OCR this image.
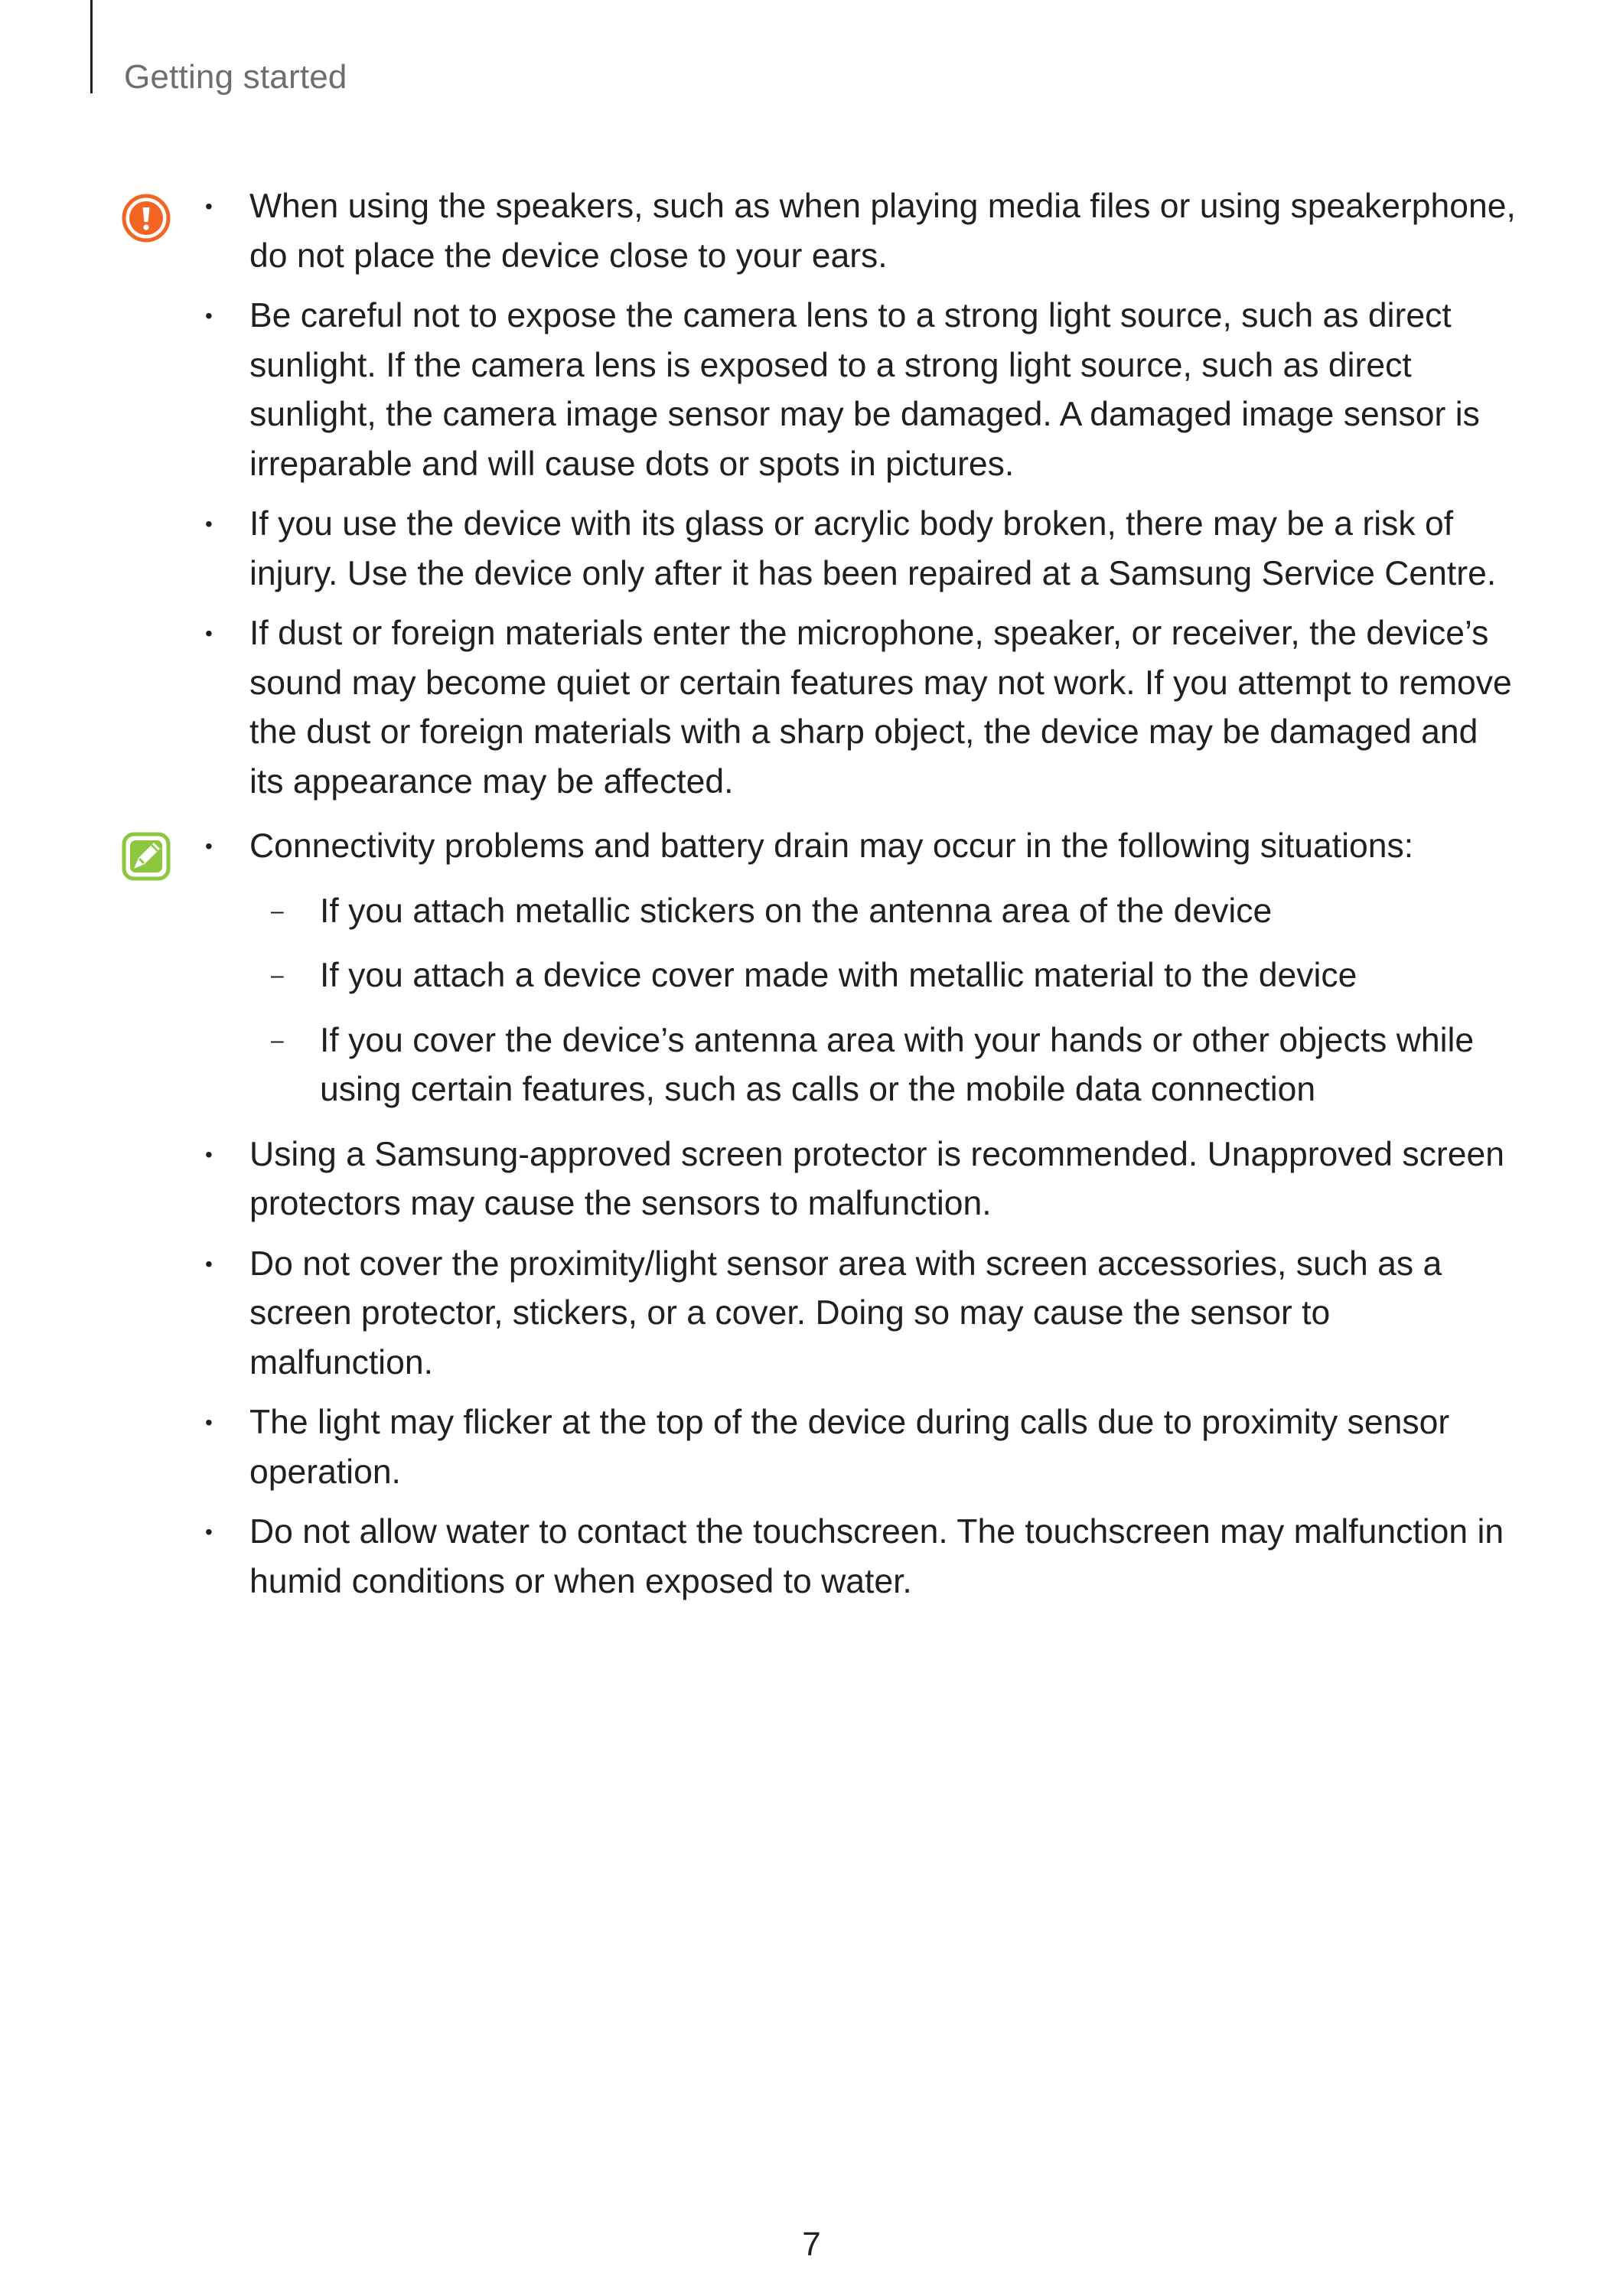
Getting started
• When using the speakers, such as when playing media files or using speakerphone, do not place the device close to your ears.
• Be careful not to expose the camera lens to a strong light source, such as direct sunlight. If the camera lens is exposed to a strong light source, such as direct sunlight, the camera image sensor may be damaged. A damaged image sensor is irreparable and will cause dots or spots in pictures.
• If you use the device with its glass or acrylic body broken, there may be a risk of injury. Use the device only after it has been repaired at a Samsung Service Centre.
• If dust or foreign materials enter the microphone, speaker, or receiver, the device’s sound may become quiet or certain features may not work. If you attempt to remove the dust or foreign materials with a sharp object, the device may be damaged and its appearance may be affected.
• Connectivity problems and battery drain may occur in the following situations:
– If you attach metallic stickers on the antenna area of the device
– If you attach a device cover made with metallic material to the device
– If you cover the device’s antenna area with your hands or other objects while using certain features, such as calls or the mobile data connection
• Using a Samsung-approved screen protector is recommended. Unapproved screen protectors may cause the sensors to malfunction.
• Do not cover the proximity/light sensor area with screen accessories, such as a screen protector, stickers, or a cover. Doing so may cause the sensor to malfunction.
• The light may flicker at the top of the device during calls due to proximity sensor operation.
• Do not allow water to contact the touchscreen. The touchscreen may malfunction in humid conditions or when exposed to water.
7
